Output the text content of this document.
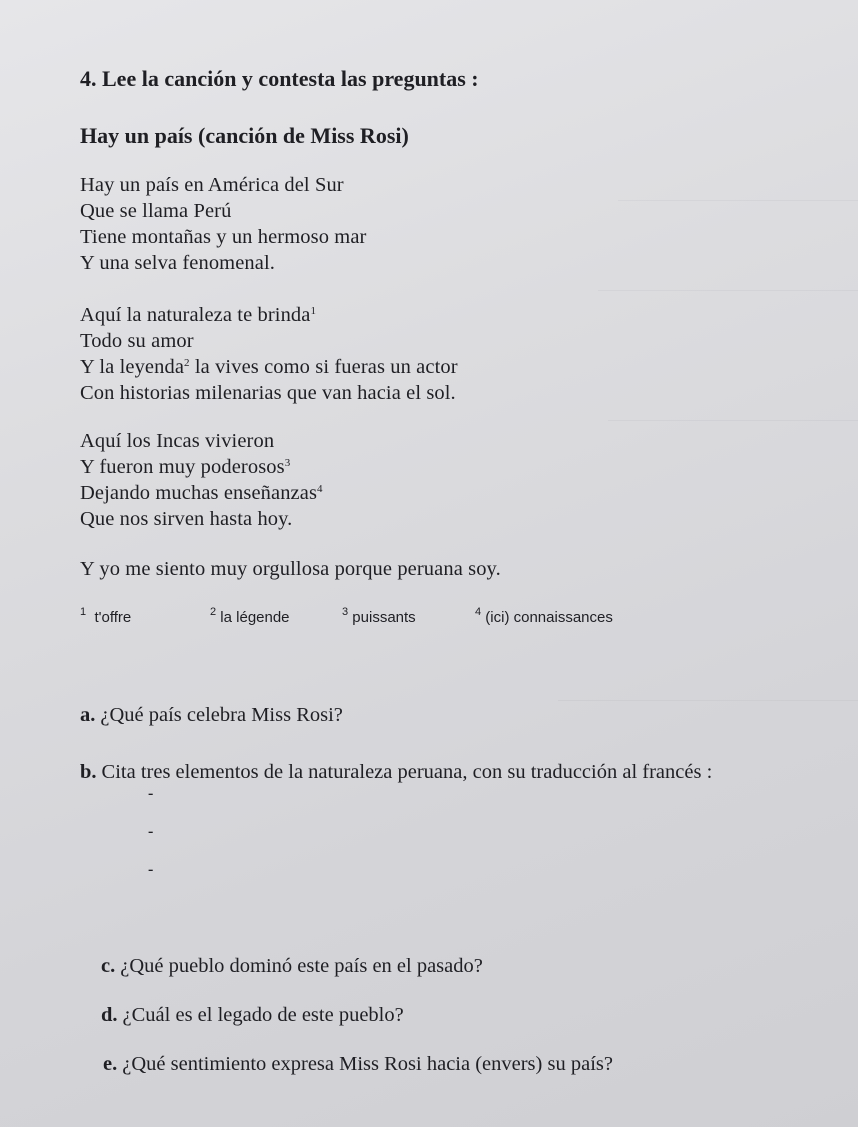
4. Lee la canción y contesta las preguntas :
Hay un país (canción de Miss Rosi)
Hay un país en América del Sur
Que se llama Perú
Tiene montañas y un hermoso mar
Y una selva fenomenal.
Aquí la naturaleza te brinda$^1$
Todo su amor
Y la leyenda$^2$ la vives como si fueras un actor
Con historias milenarias que van hacia el sol.
Aquí los Incas vivieron
Y fueron muy poderosos$^3$
Dejando muchas enseñanzas$^4$
Que nos sirven hasta hoy.
Y yo me siento muy orgullosa porque peruana soy.
$^1$ t'offre	$^2$ la légende	$^3$ puissants	$^4$ (ici) connaissances
a. ¿Qué país celebra Miss Rosi?
b. Cita tres elementos de la naturaleza peruana, con su traducción al francés :
-
-
-
c. ¿Qué pueblo dominó este país en el pasado?
d. ¿Cuál es el legado de este pueblo?
e. ¿Qué sentimiento expresa Miss Rosi hacia (envers) su país?
